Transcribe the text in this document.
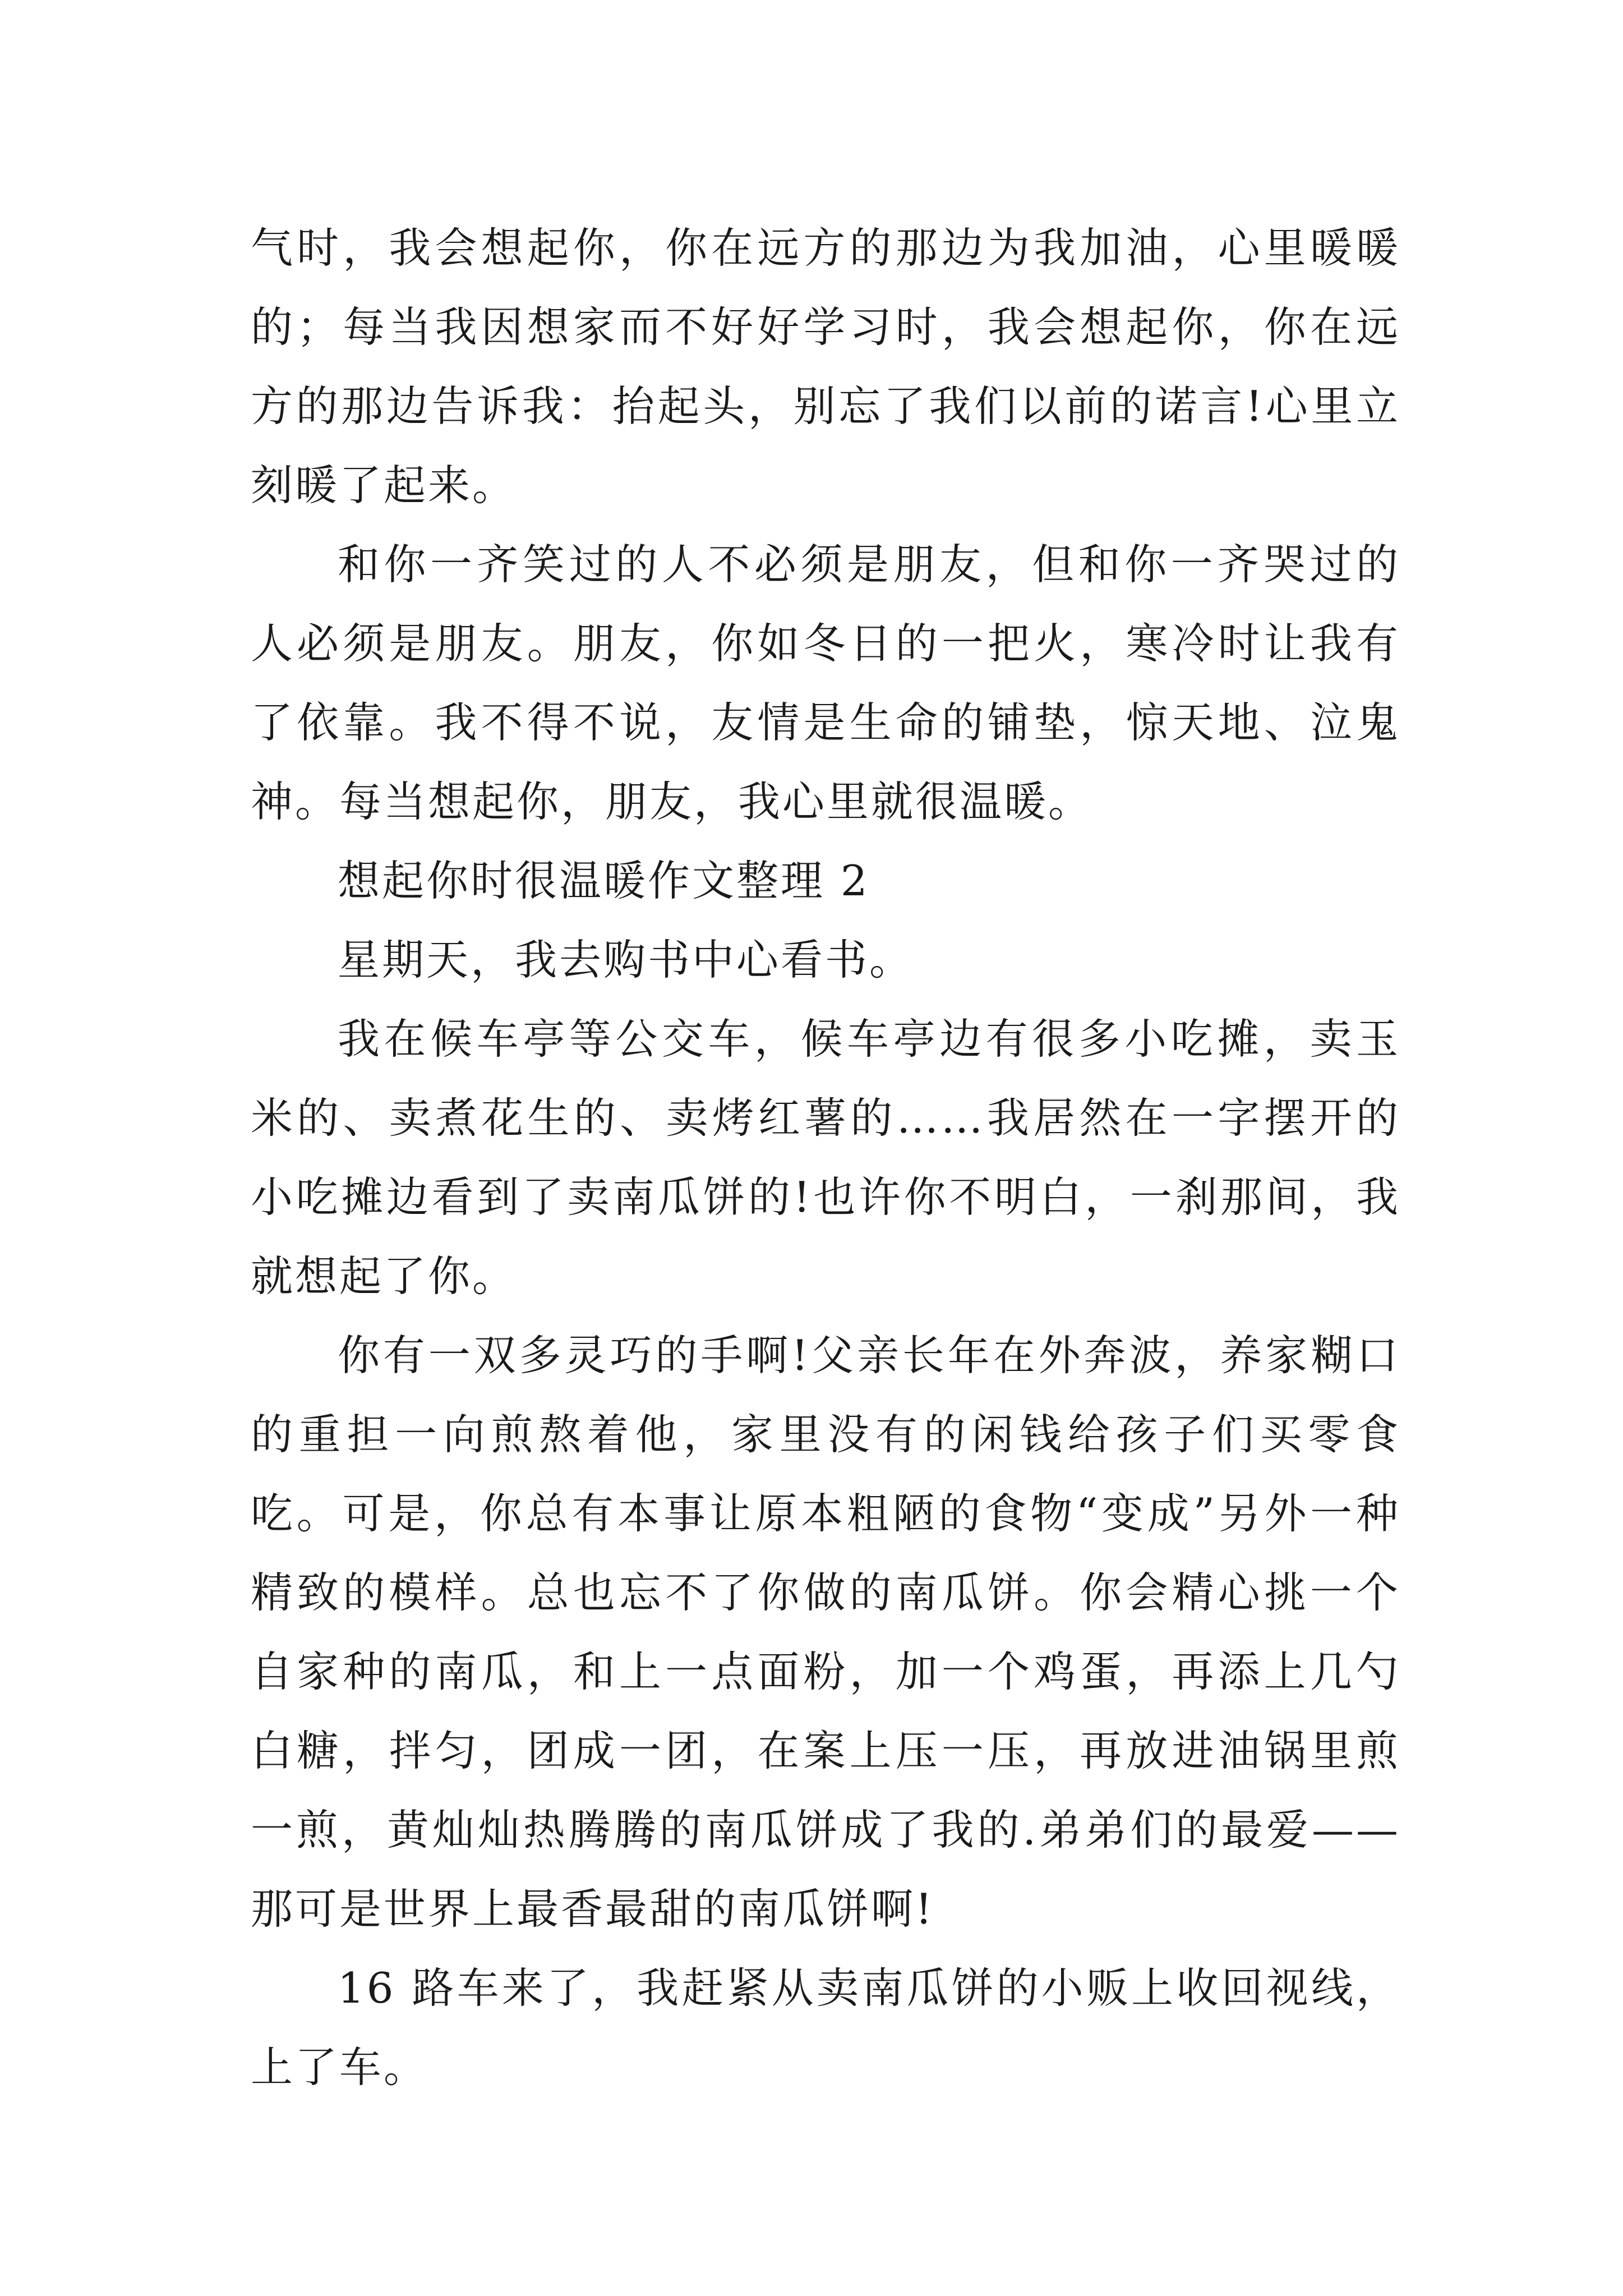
气时，我会想起你，你在远方的那边为我加油，心里暖暖的；每当我因想家而不好好学习时，我会想起你，你在远方的那边告诉我：抬起头，别忘了我们以前的诺言!心里立刻暖了起来。

和你一齐笑过的人不必须是朋友，但和你一齐哭过的人必须是朋友。朋友，你如冬日的一把火，寒冷时让我有了依靠。我不得不说，友情是生命的铺垫，惊天地、泣鬼神。每当想起你，朋友，我心里就很温暖。

想起你时很温暖作文整理 2

星期天，我去购书中心看书。

我在候车亭等公交车，候车亭边有很多小吃摊，卖玉米的、卖煮花生的、卖烤红薯的……我居然在一字摆开的小吃摊边看到了卖南瓜饼的!也许你不明白，一刹那间，我就想起了你。

你有一双多灵巧的手啊!父亲长年在外奔波，养家糊口的重担一向煎熬着他，家里没有的闲钱给孩子们买零食吃。可是，你总有本事让原本粗陋的食物“变成”另外一种精致的模样。总也忘不了你做的南瓜饼。你会精心挑一个自家种的南瓜，和上一点面粉，加一个鸡蛋，再添上几勺白糖，拌匀，团成一团，在案上压一压，再放进油锅里煎一煎，黄灿灿热腾腾的南瓜饼成了我的.弟弟们的最爱——那可是世界上最香最甜的南瓜饼啊!

16 路车来了，我赶紧从卖南瓜饼的小贩上收回视线，上了车。
